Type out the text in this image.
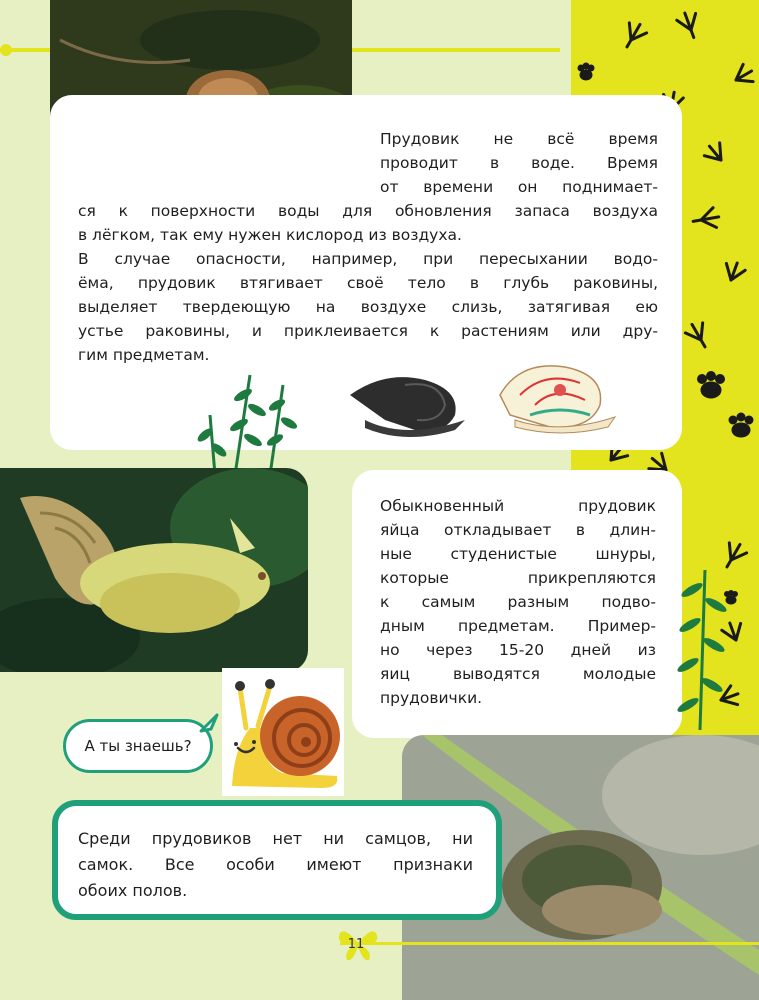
Прудовик не всё время
проводит в воде. Время
от времени он поднимает-
ся к поверхности воды для обновления запаса воздуха
в лёгком, так ему нужен кислород из воздуха.
В случае опасности, например, при пересыхании водо-
ёма, прудовик втягивает своё тело в глубь раковины,
выделяет твердеющую на воздухе слизь, затягивая ею
устье раковины, и приклеивается к растениям или дру-
гим предметам.
Обыкновенный прудовик
яйца откладывает в длин-
ные студенистые шнуры,
которые прикрепляются
к самым разным подво-
дным предметам. Пример-
но через 15-20 дней из
яиц выводятся молодые
прудовички.
А ты знаешь?
Среди прудовиков нет ни самцов, ни
самок. Все особи имеют признаки
обоих полов.
11
